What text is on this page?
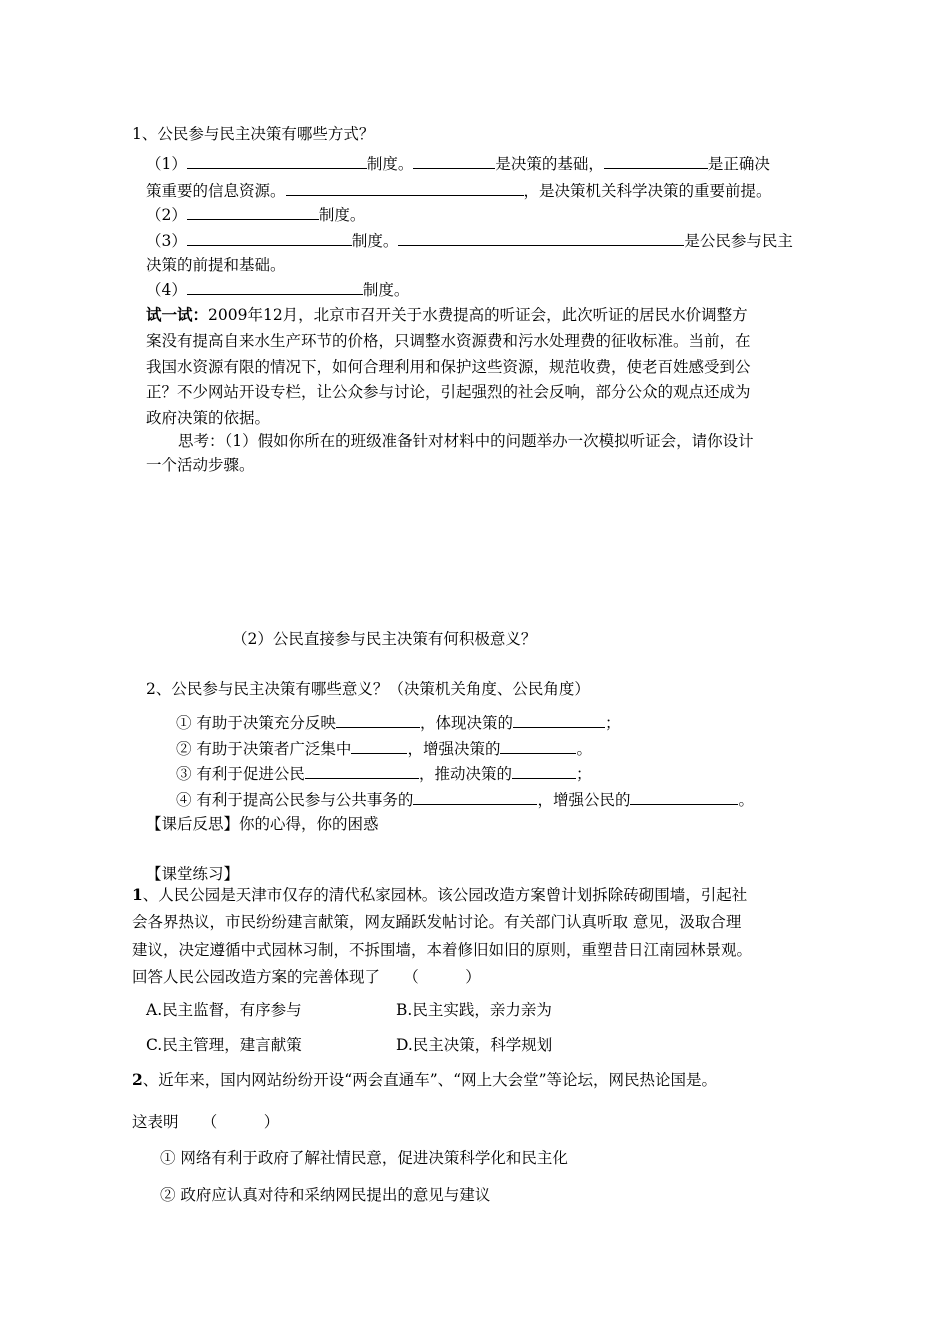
1、公民参与民主决策有哪些方式？
（1）	制度。	是决策的基础，	是正确决
策重要的信息资源。	，是决策机关科学决策的重要前提。
（2）	制度。
（3）	制度。	是公民参与民主
决策的前提和基础。
（4）	制度。
试一试：2009年12月，北京市召开关于水费提高的听证会，此次听证的居民水价调整方
案没有提高自来水生产环节的价格，只调整水资源费和污水处理费的征收标准。当前，在
我国水资源有限的情况下，如何合理利用和保护这些资源，规范收费，使老百姓感受到公
正？不少网站开设专栏，让公众参与讨论，引起强烈的社会反响，部分公众的观点还成为
政府决策的依据。
思考：（1）假如你所在的班级准备针对材料中的问题举办一次模拟听证会，请你设计
一个活动步骤。
（2）公民直接参与民主决策有何积极意义？
2、公民参与民主决策有哪些意义？（决策机关角度、公民角度）
① 有助于决策充分反映	，体现决策的	；
② 有助于决策者广泛集中	，增强决策的	。
③ 有利于促进公民	，推动决策的	；
④ 有利于提高公民参与公共事务的	，增强公民的	。
【课后反思】你的心得，你的困惑
【课堂练习】
1、人民公园是天津市仅存的清代私家园林。该公园改造方案曾计划拆除砖砌围墙，引起社
会各界热议，市民纷纷建言献策，网友踊跃发帖讨论。有关部门认真听取 意见，汲取合理
建议，决定遵循中式园林习制，不拆围墙，本着修旧如旧的原则，重塑昔日江南园林景观。
回答人民公园改造方案的完善体现了　　（　　　）
A.民主监督，有序参与	B.民主实践，亲力亲为
C.民主管理，建言献策	D.民主决策，科学规划
2、近年来，国内网站纷纷开设“两会直通车”、“网上大会堂”等论坛，网民热论国是。
这表明　　（　　　）
① 网络有利于政府了解社情民意，促进决策科学化和民主化
② 政府应认真对待和采纳网民提出的意见与建议
